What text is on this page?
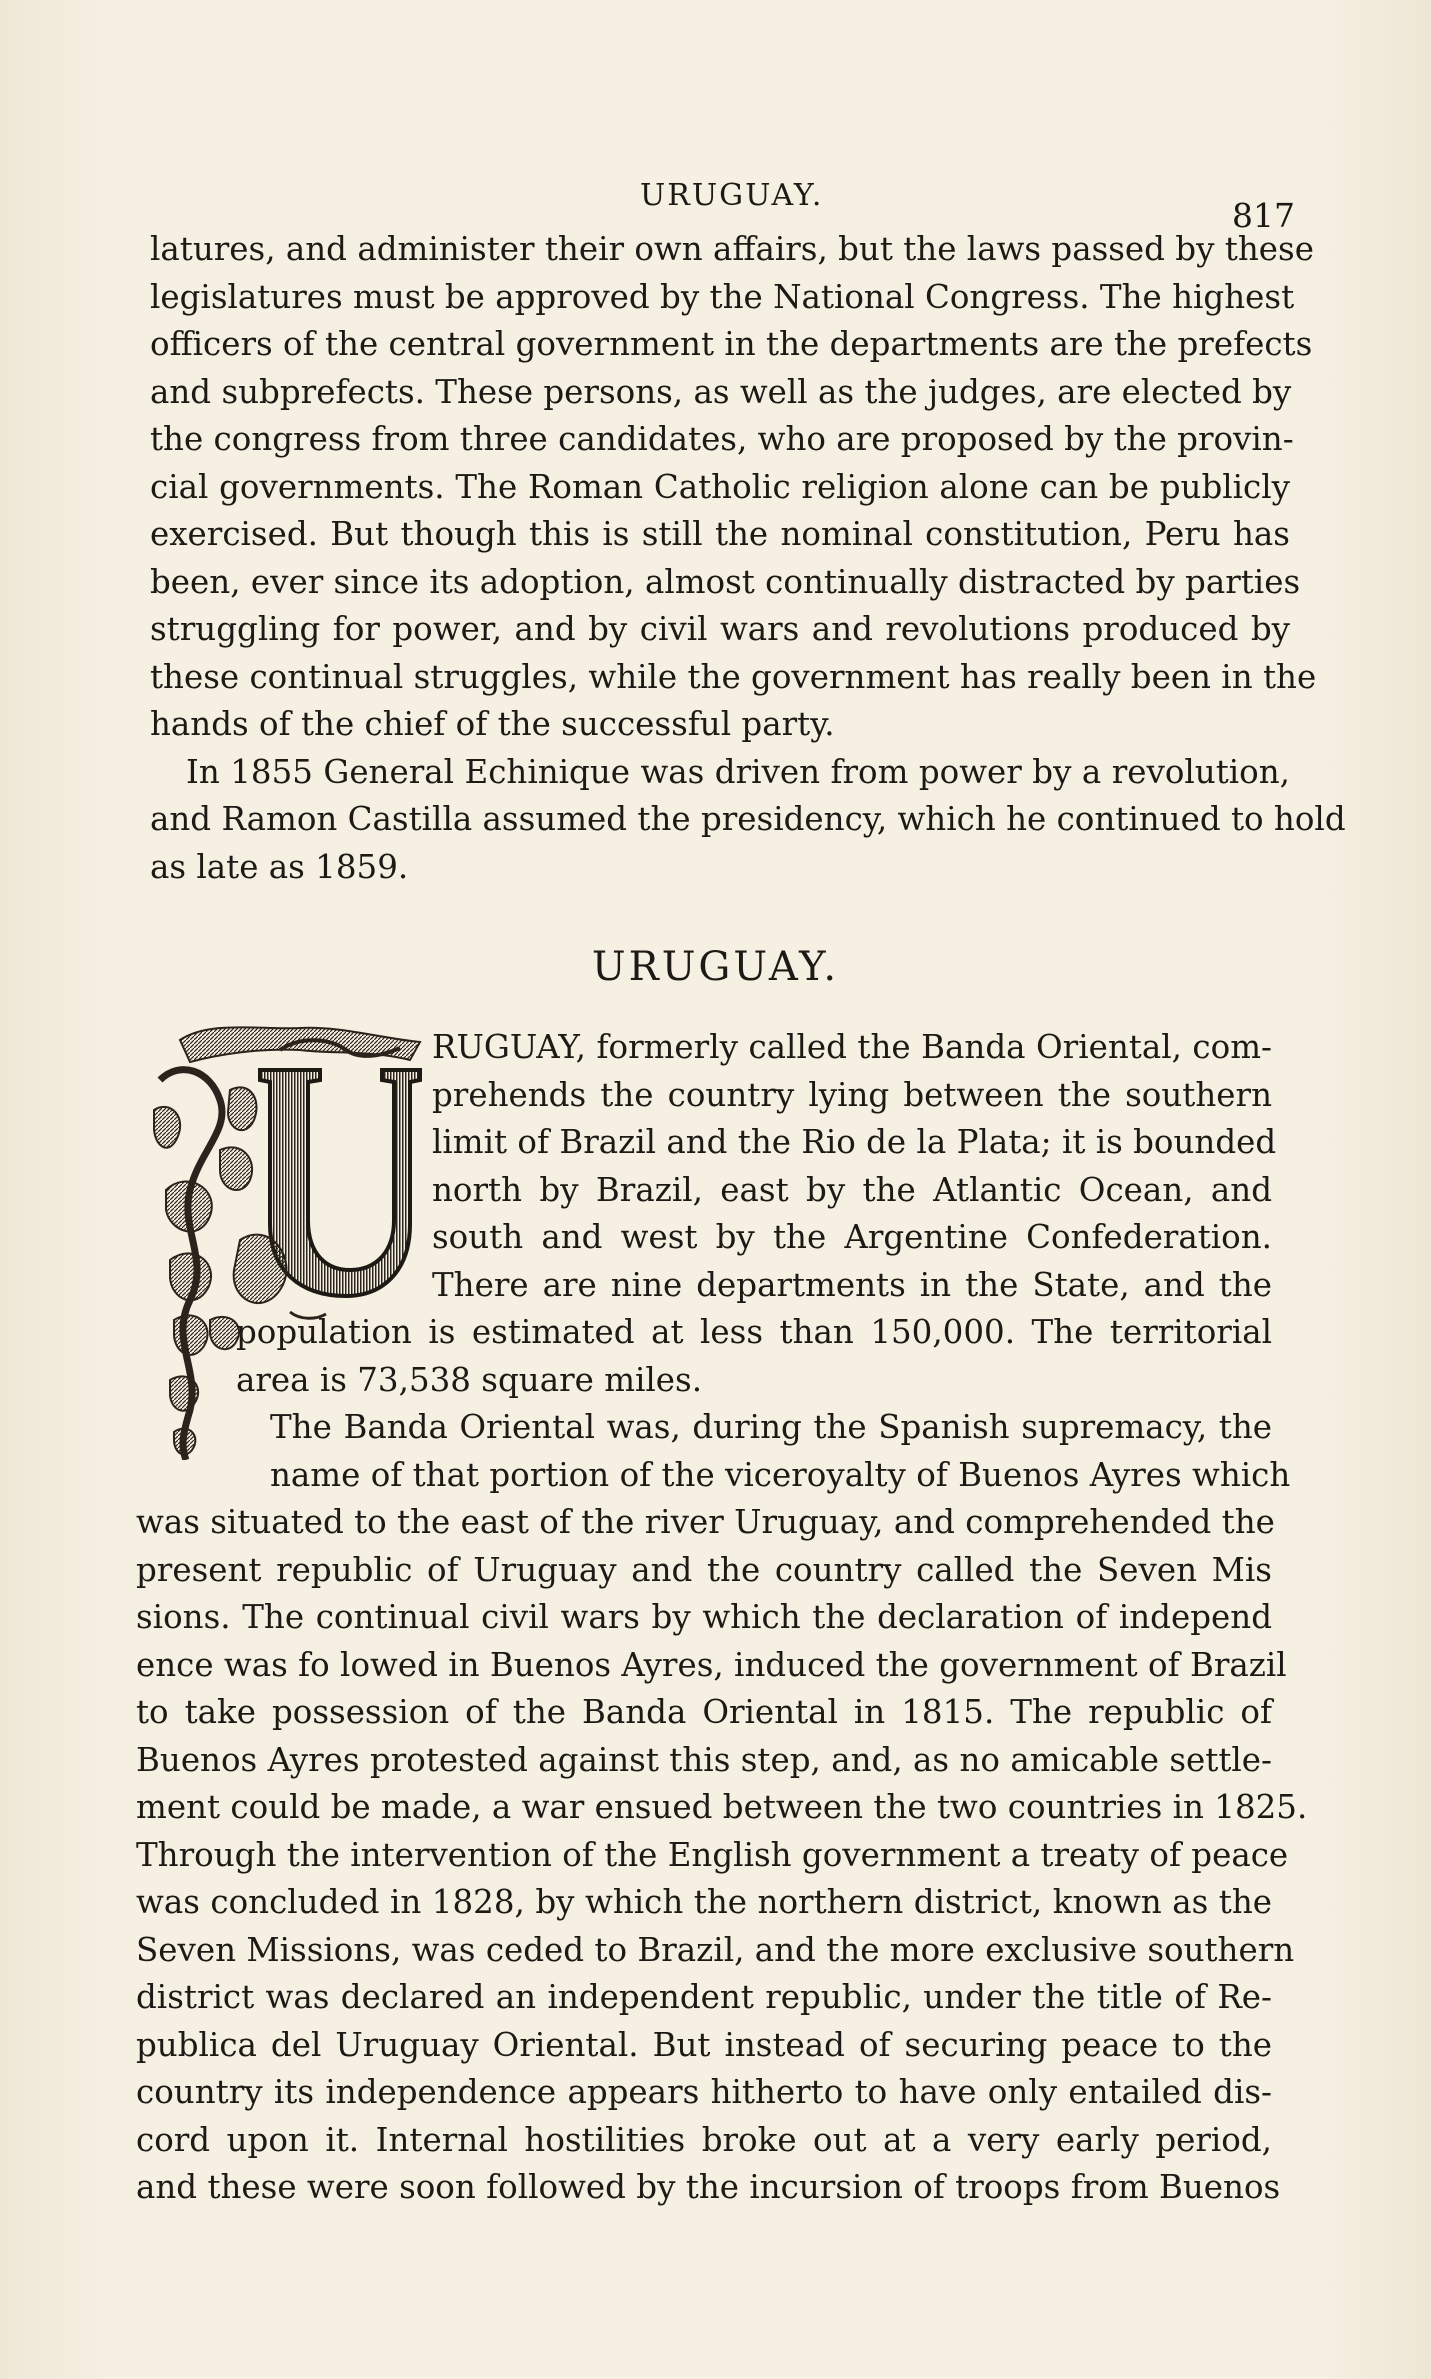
URUGUAY.
817
latures, and administer their own affairs, but the laws passed by these
legislatures must be approved by the National Congress. The highest
officers of the central government in the departments are the prefects
and subprefects. These persons, as well as the judges, are elected by
the congress from three candidates, who are proposed by the provin-
cial governments. The Roman Catholic religion alone can be publicly
exercised. But though this is still the nominal constitution, Peru has
been, ever since its adoption, almost continually distracted by parties
struggling for power, and by civil wars and revolutions produced by
these continual struggles, while the government has really been in the
hands of the chief of the successful party.
In 1855 General Echinique was driven from power by a revolution,
and Ramon Castilla assumed the presidency, which he continued to hold
as late as 1859.
URUGUAY.
RUGUAY, formerly called the Banda Oriental, com-
prehends the country lying between the southern
limit of Brazil and the Rio de la Plata; it is bounded
north by Brazil, east by the Atlantic Ocean, and
south and west by the Argentine Confederation.
There are nine departments in the State, and the
population is estimated at less than 150,000. The territorial
area is 73,538 square miles.
The Banda Oriental was, during the Spanish supremacy, the
name of that portion of the viceroyalty of Buenos Ayres which
was situated to the east of the river Uruguay, and comprehended the
present republic of Uruguay and the country called the Seven Mis
sions. The continual civil wars by which the declaration of independ
ence was fo lowed in Buenos Ayres, induced the government of Brazil
to take possession of the Banda Oriental in 1815. The republic of
Buenos Ayres protested against this step, and, as no amicable settle-
ment could be made, a war ensued between the two countries in 1825.
Through the intervention of the English government a treaty of peace
was concluded in 1828, by which the northern district, known as the
Seven Missions, was ceded to Brazil, and the more exclusive southern
district was declared an independent republic, under the title of Re-
publica del Uruguay Oriental. But instead of securing peace to the
country its independence appears hitherto to have only entailed dis-
cord upon it. Internal hostilities broke out at a very early period,
and these were soon followed by the incursion of troops from Buenos
